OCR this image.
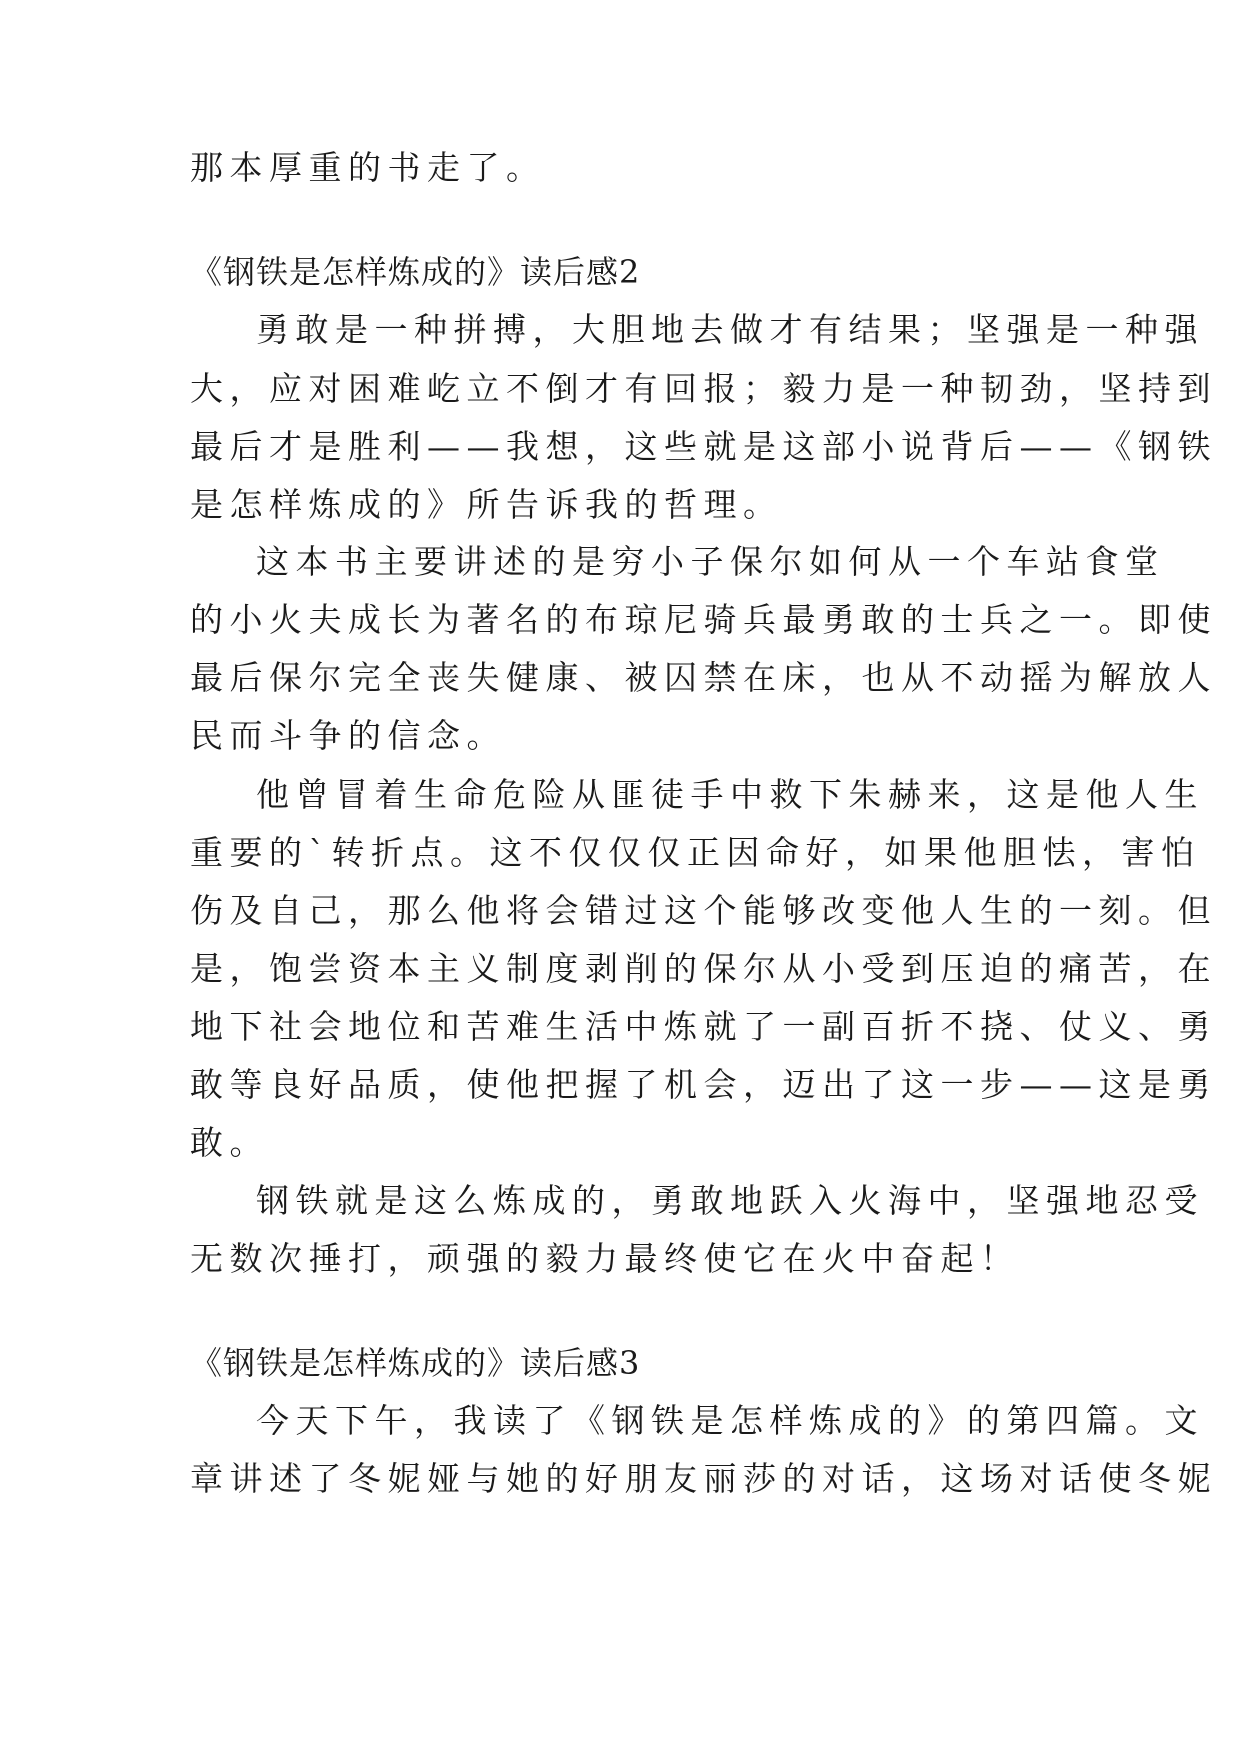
那本厚重的书走了。
《钢铁是怎样炼成的》读后感2
勇敢是一种拼搏，大胆地去做才有结果；坚强是一种强
大，应对困难屹立不倒才有回报；毅力是一种韧劲，坚持到
最后才是胜利——我想，这些就是这部小说背后——《钢铁
是怎样炼成的》所告诉我的哲理。
这本书主要讲述的是穷小子保尔如何从一个车站食堂
的小火夫成长为著名的布琼尼骑兵最勇敢的士兵之一。即使
最后保尔完全丧失健康、被囚禁在床，也从不动摇为解放人
民而斗争的信念。
他曾冒着生命危险从匪徒手中救下朱赫来，这是他人生
重要的`转折点。这不仅仅仅正因命好，如果他胆怯，害怕
伤及自己，那么他将会错过这个能够改变他人生的一刻。但
是，饱尝资本主义制度剥削的保尔从小受到压迫的痛苦，在
地下社会地位和苦难生活中炼就了一副百折不挠、仗义、勇
敢等良好品质，使他把握了机会，迈出了这一步——这是勇
敢。
钢铁就是这么炼成的，勇敢地跃入火海中，坚强地忍受
无数次捶打，顽强的毅力最终使它在火中奋起！
《钢铁是怎样炼成的》读后感3
今天下午，我读了《钢铁是怎样炼成的》的第四篇。文
章讲述了冬妮娅与她的好朋友丽莎的对话，这场对话使冬妮
